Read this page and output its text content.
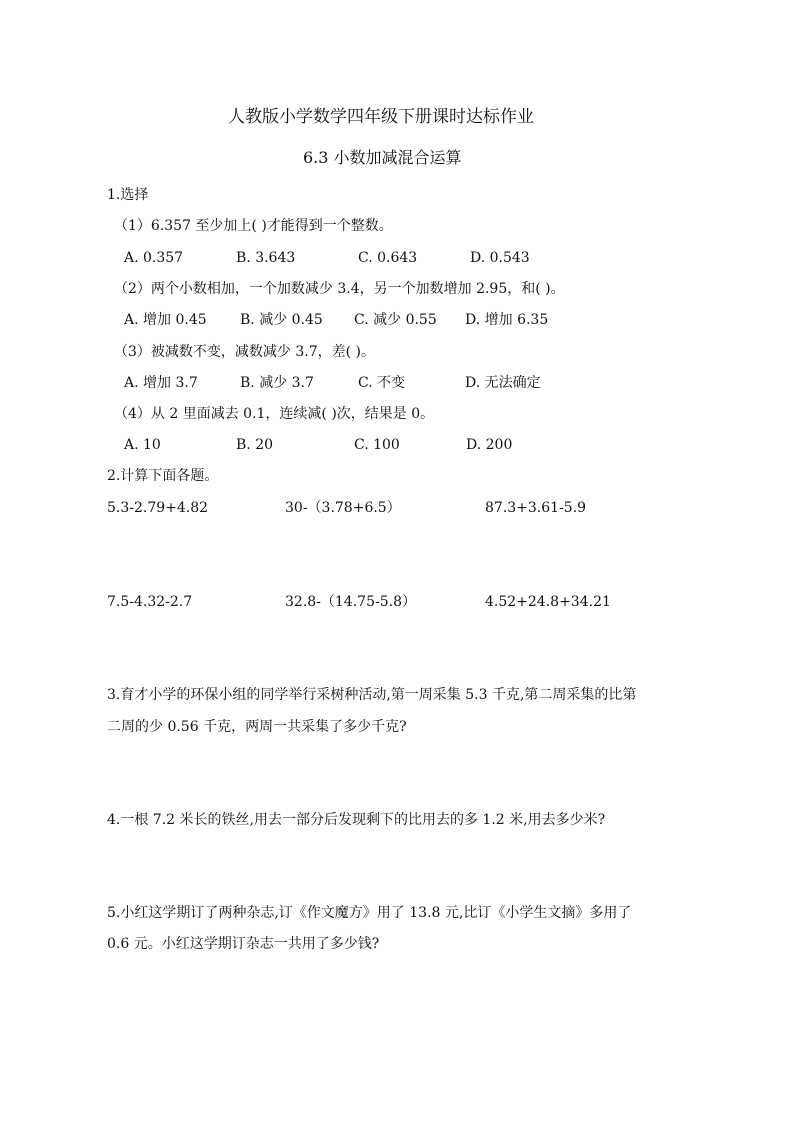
人教版小学数学四年级下册课时达标作业
6.3 小数加减混合运算
1.选择
（1）6.357 至少加上( )才能得到一个整数。
A. 0.357	B. 3.643	C. 0.643	D. 0.543
（2）两个小数相加，一个加数减少 3.4，另一个加数增加 2.95，和( )。
A. 增加 0.45 B. 减少 0.45 C. 减少 0.55 D. 增加 6.35
（3）被减数不变，减数减少 3.7，差( )。
A. 增加 3.7	B. 减少 3.7	C. 不变	D. 无法确定
（4）从 2 里面减去 0.1，连续减( )次，结果是 0。
A. 10	B. 20	C. 100	D. 200
2.计算下面各题。
5.3-2.79+4.82	30-（3.78+6.5）	87.3+3.61-5.9
7.5-4.32-2.7	32.8-（14.75-5.8）	4.52+24.8+34.21
3.育才小学的环保小组的同学举行采树种活动,第一周采集 5.3 千克,第二周采集的比第
二周的少 0.56 千克，两周一共采集了多少千克?
4.一根 7.2 米长的铁丝,用去一部分后发现剩下的比用去的多 1.2 米,用去多少米?
5.小红这学期订了两种杂志,订《作文魔方》用了 13.8 元,比订《小学生文摘》多用了
0.6 元。小红这学期订杂志一共用了多少钱?
